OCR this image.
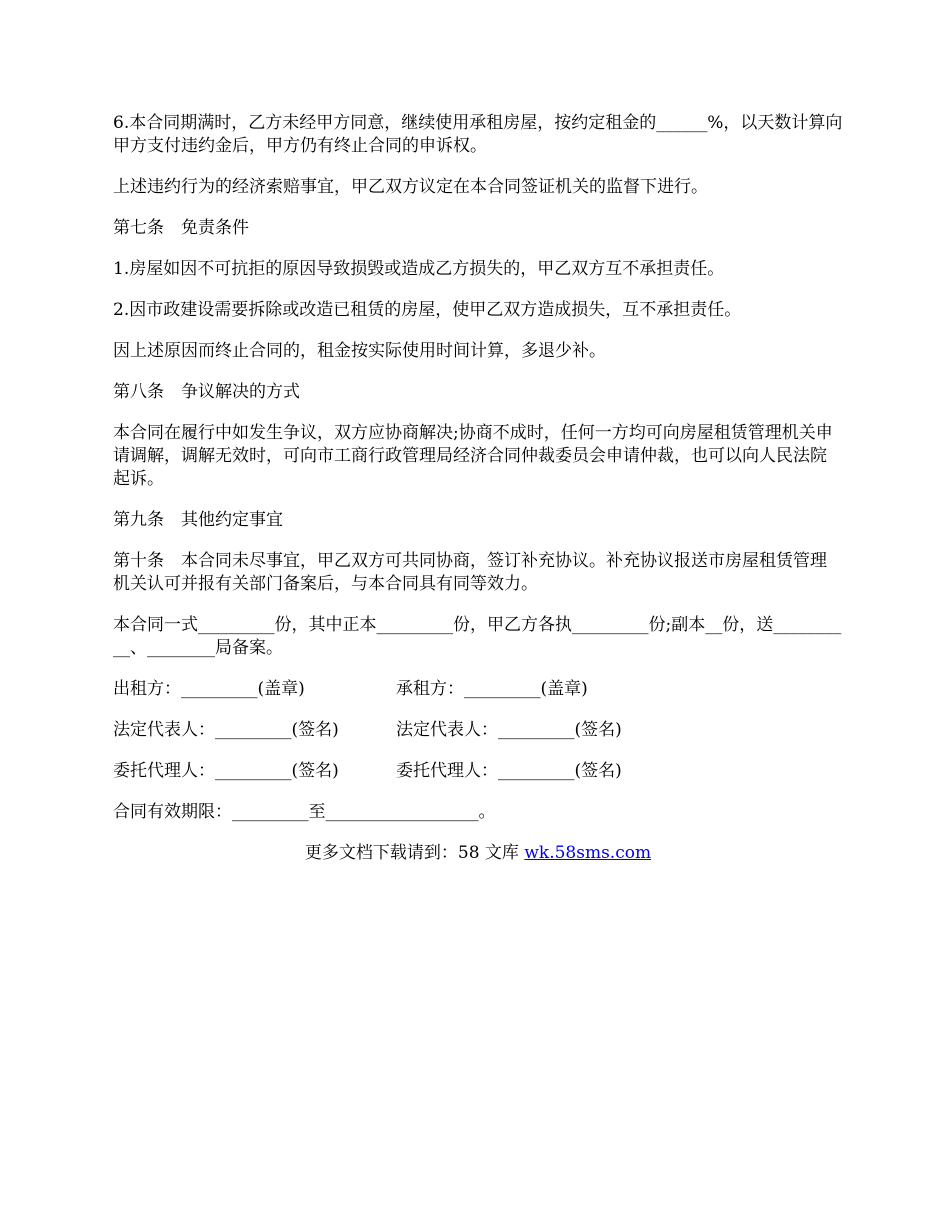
6.本合同期满时，乙方未经甲方同意，继续使用承租房屋，按约定租金的______%，以天数计算向甲方支付违约金后，甲方仍有终止合同的申诉权。

上述违约行为的经济索赔事宜，甲乙双方议定在本合同签证机关的监督下进行。

第七条　免责条件

1.房屋如因不可抗拒的原因导致损毁或造成乙方损失的，甲乙双方互不承担责任。

2.因市政建设需要拆除或改造已租赁的房屋，使甲乙双方造成损失，互不承担责任。

因上述原因而终止合同的，租金按实际使用时间计算，多退少补。

第八条　争议解决的方式

本合同在履行中如发生争议，双方应协商解决;协商不成时，任何一方均可向房屋租赁管理机关申请调解，调解无效时，可向市工商行政管理局经济合同仲裁委员会申请仲裁，也可以向人民法院起诉。

第九条　其他约定事宜

第十条　本合同未尽事宜，甲乙双方可共同协商，签订补充协议。补充协议报送市房屋租赁管理机关认可并报有关部门备案后，与本合同具有同等效力。

本合同一式_________份，其中正本_________份，甲乙方各执_________份;副本__份，送__________、________局备案。

出租方：_________(盖章)	承租方：_________(盖章)
法定代表人：_________(签名)	法定代表人：_________(签名)
委托代理人：_________(签名)	委托代理人：_________(签名)
合同有效期限：_________至__________________。
更多文档下载请到：58 文库 wk.58sms.com
